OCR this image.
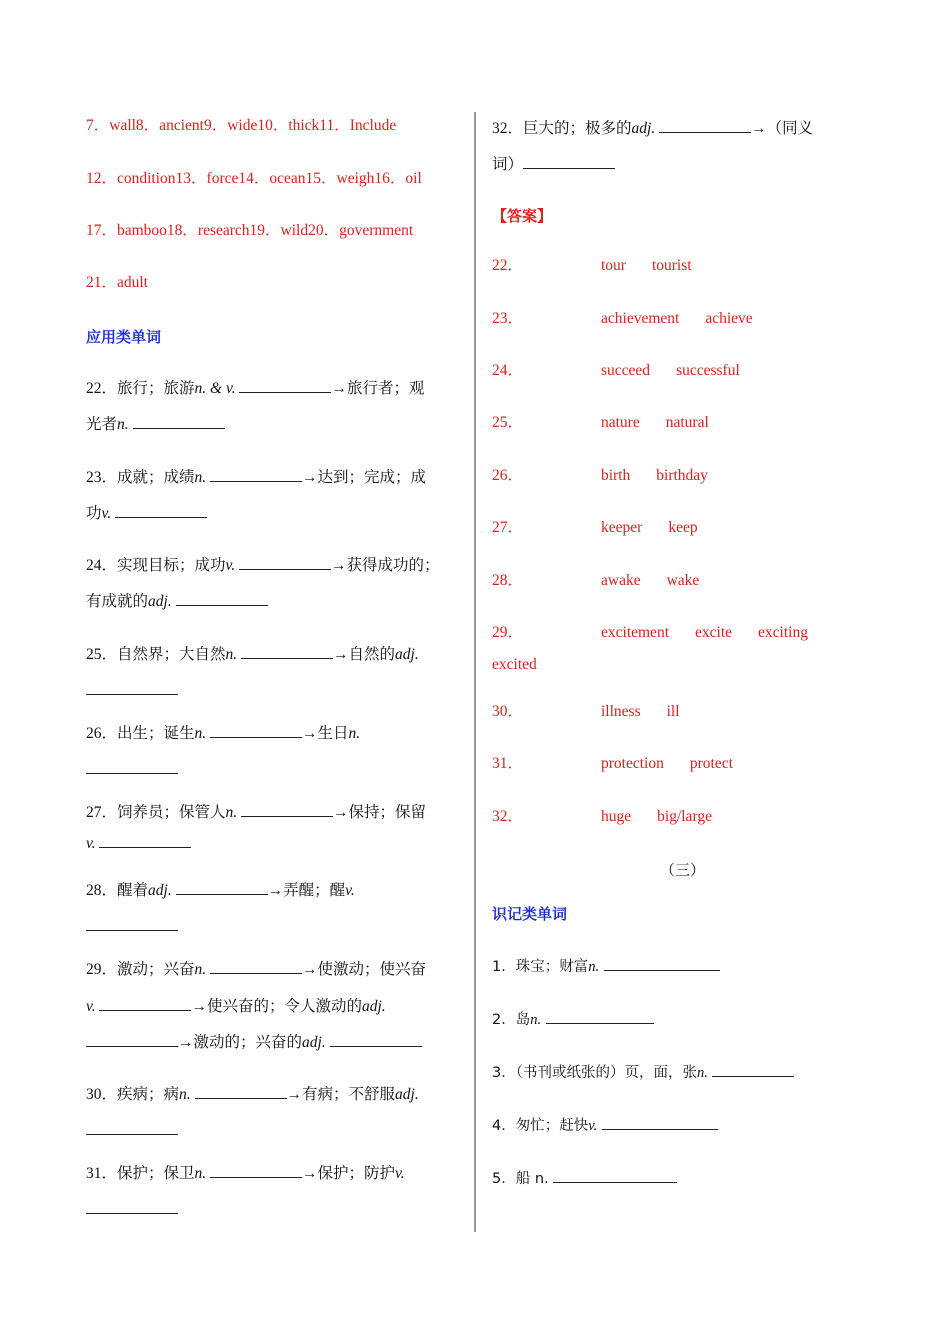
7．wall8．ancient9．wide10．thick11．Include
12．condition13．force14．ocean15．weigh16．oil
17．bamboo18．research19．wild20．government
21．adult
应用类单词
22．旅行；旅游n. & v.	→旅行者；观
光者n.
23．成就；成绩n.	→达到；完成；成
功v.
24．实现目标；成功v.	→获得成功的；
有成就的adj.
25．自然界；大自然n.	→自然的adj.
26．出生；诞生n.	→生日n.
27．饲养员；保管人n.	→保持；保留
v.
28．醒着adj.	→弄醒；醒v.
29．激动；兴奋n.	→使激动；使兴奋
v.	→使兴奋的；令人激动的adj.
→激动的；兴奋的adj.
30．疾病；病n.	→有病；不舒服adj.
31．保护；保卫n.	→保护；防护v.
32．巨大的；极多的adj.	→（同义
词）
【答案】
22．	tour tourist
23．	achievement achieve
24．	succeed successful
25．	nature natural
26．	birth birthday
27．	keeper keep
28．	awake wake
29．	excitement excite exciting
excited
30．	illness ill
31．	protection protect
32．	huge big/large
（三）
识记类单词
1．珠宝；财富n.
2．岛n.
3．（书刊或纸张的）页，面，张n.
4．匆忙；赶快v.
5．船 n.
